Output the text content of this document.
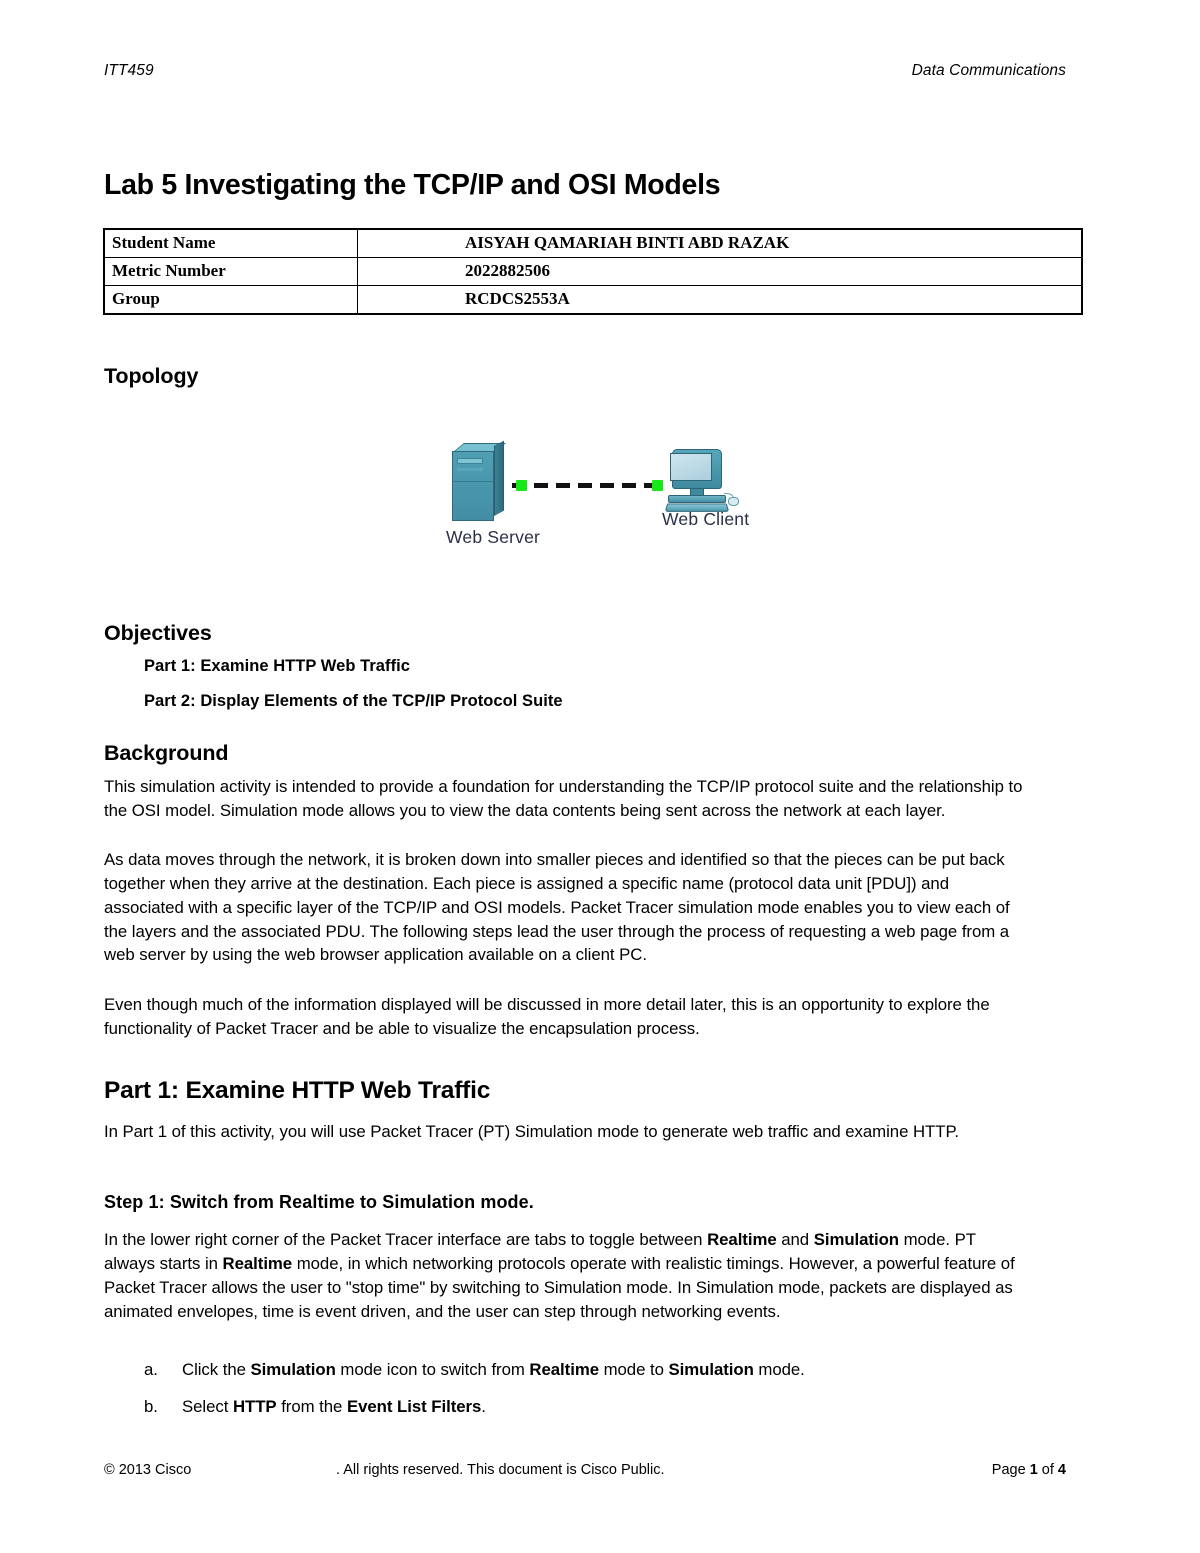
ITT459	Data Communications
Lab 5 Investigating the TCP/IP and OSI Models
Student Name	AISYAH QAMARIAH BINTI ABD RAZAK
Metric Number	2022882506
Group	RCDCS2553A
Topology
Web Server
Web Client
Objectives
Part 1: Examine HTTP Web Traffic
Part 2: Display Elements of the TCP/IP Protocol Suite
Background

This simulation activity is intended to provide a foundation for understanding the TCP/IP protocol suite and the relationship to the OSI model. Simulation mode allows you to view the data contents being sent across the network at each layer.

As data moves through the network, it is broken down into smaller pieces and identified so that the pieces can be put back together when they arrive at the destination. Each piece is assigned a specific name (protocol data unit [PDU]) and associated with a specific layer of the TCP/IP and OSI models. Packet Tracer simulation mode enables you to view each of the layers and the associated PDU. The following steps lead the user through the process of requesting a web page from a web server by using the web browser application available on a client PC.

Even though much of the information displayed will be discussed in more detail later, this is an opportunity to explore the functionality of Packet Tracer and be able to visualize the encapsulation process.

Part 1: Examine HTTP Web Traffic

In Part 1 of this activity, you will use Packet Tracer (PT) Simulation mode to generate web traffic and examine HTTP.

Step 1: Switch from Realtime to Simulation mode.

In the lower right corner of the Packet Tracer interface are tabs to toggle between Realtime and Simulation mode. PT always starts in Realtime mode, in which networking protocols operate with realistic timings. However, a powerful feature of Packet Tracer allows the user to "stop time" by switching to Simulation mode. In Simulation mode, packets are displayed as animated envelopes, time is event driven, and the user can step through networking events.

a.	Click the Simulation mode icon to switch from Realtime mode to Simulation mode.
b.	Select HTTP from the Event List Filters.
© 2013 Cisco	. All rights reserved. This document is Cisco Public.	Page 1 of 4
